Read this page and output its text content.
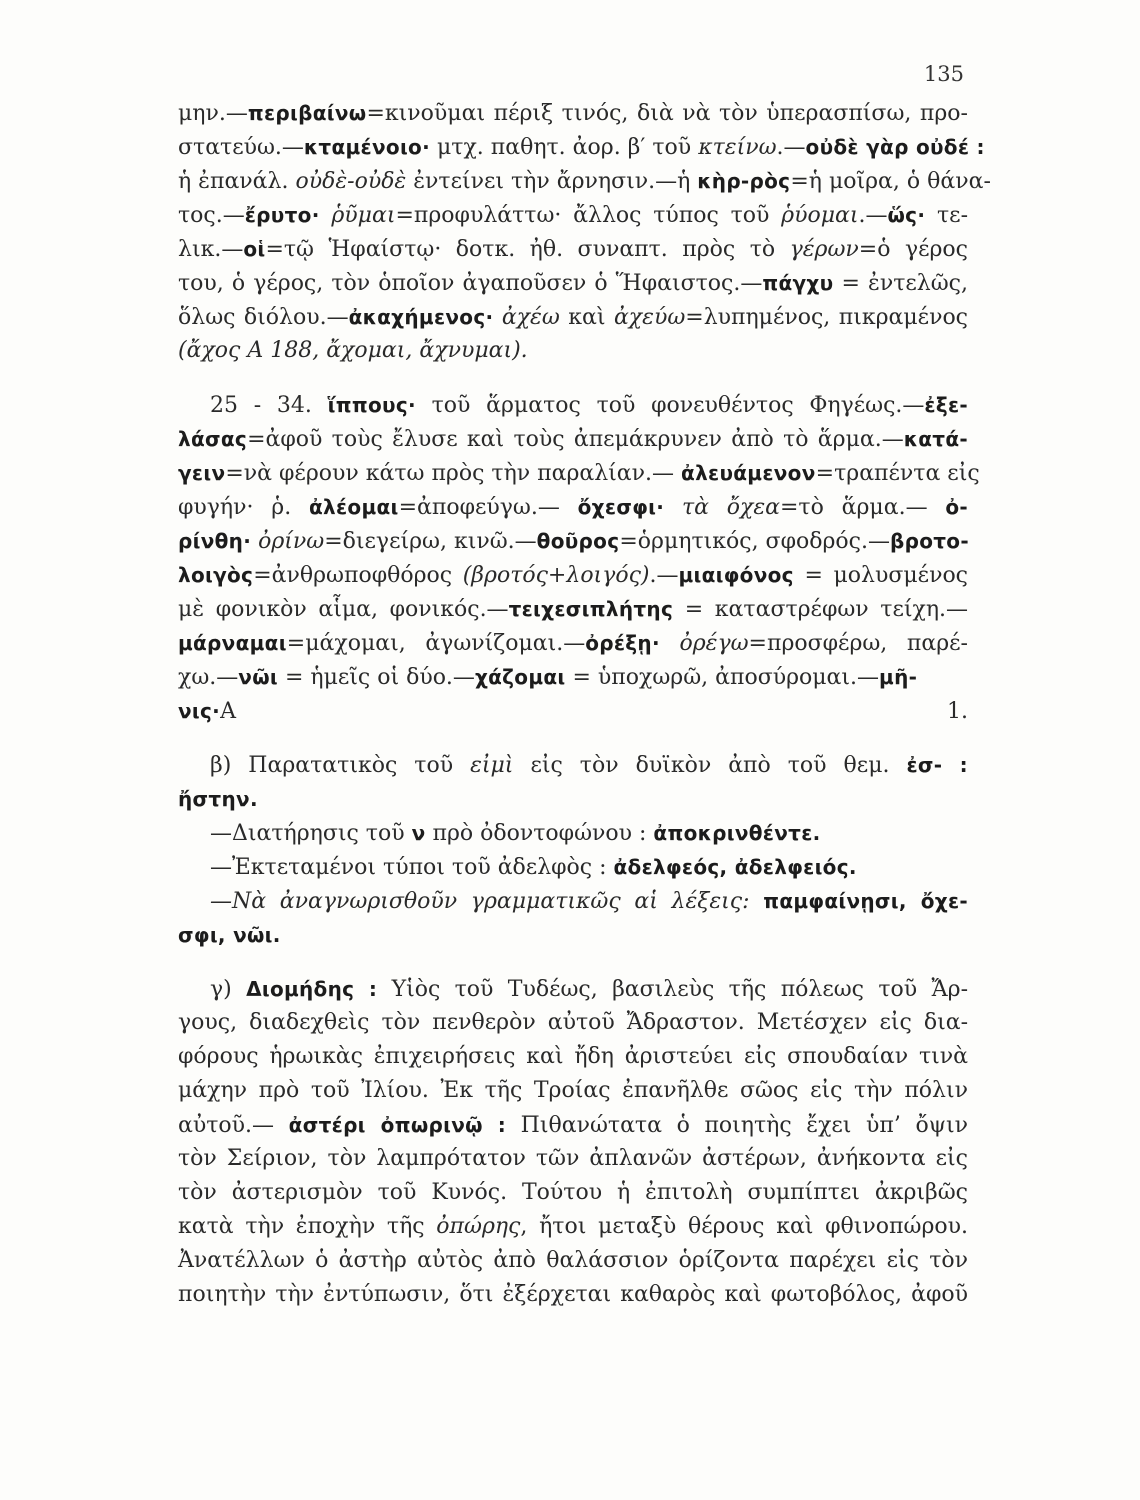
135
μην.—περιβαίνω=κινοῦμαι πέριξ τινός, διὰ νὰ τὸν ὑπερασπίσω, προ-
στατεύω.—κταμένοιο· μτχ. παθητ. ἀορ. β′ τοῦ κτείνω.—οὐδὲ γὰρ οὐδέ :
ἡ ἐπανάλ. οὐδὲ-οὐδὲ ἐντείνει τὴν ἄρνησιν.—ἡ κὴρ-ρὸς=ἡ μοῖρα, ὁ θάνα-
τος.—ἔρυτο· ῥῦμαι=προφυλάττω· ἄλλος τύπος τοῦ ῥύομαι.—ὥς· τε-
λικ.—οἱ=τῷ Ἡφαίστῳ· δοτκ. ἠθ. συναπτ. πρὸς τὸ γέρων=ὁ γέρος
του, ὁ γέρος, τὸν ὁποῖον ἀγαποῦσεν ὁ Ἥφαιστος.—πάγχυ = ἐντελῶς,
ὅλως διόλου.—ἀκαχήμενος· ἀχέω καὶ ἀχεύω=λυπημένος, πικραμένος
(ἄχος Α 188, ἄχομαι, ἄχνυμαι).
25 - 34. ἵππους· τοῦ ἅρματος τοῦ φονευθέντος Φηγέως.—ἐξε-
λάσας=ἀφοῦ τοὺς ἔλυσε καὶ τοὺς ἀπεμάκρυνεν ἀπὸ τὸ ἅρμα.—κατά-
γειν=νὰ φέρουν κάτω πρὸς τὴν παραλίαν.— ἀλευάμενον=τραπέντα εἰς
φυγήν· ῥ. ἀλέομαι=ἀποφεύγω.— ὄχεσφι· τὰ ὄχεα=τὸ ἅρμα.— ὀ-
ρίνθη· ὀρίνω=διεγείρω, κινῶ.—θοῦρος=ὁρμητικός, σφοδρός.—βροτο-
λοιγὸς=ἀνθρωποφθόρος (βροτός+λοιγός).—μιαιφόνος = μολυσμένος
μὲ φονικὸν αἷμα, φονικός.—τειχεσιπλήτης = καταστρέφων τείχη.—
μάρναμαι=μάχομαι, ἀγωνίζομαι.—ὀρέξῃ· ὀρέγω=προσφέρω, παρέ-
χω.—νῶι = ἡμεῖς οἱ δύο.—χάζομαι = ὑποχωρῶ, ἀποσύρομαι.—μῆ-
νις·Α 1.
β) Παρατατικὸς τοῦ εἰμὶ εἰς τὸν δυϊκὸν ἀπὸ τοῦ θεμ. ἐσ- :
ἤστην.
—Διατήρησις τοῦ ν πρὸ ὀδοντοφώνου : ἀποκρινθέντε.
—Ἐκτεταμένοι τύποι τοῦ ἀδελφὸς : ἀδελφεός, ἀδελφειός.
—Νὰ ἀναγνωρισθοῦν γραμματικῶς αἱ λέξεις: παμφαίνῃσι, ὄχε-
σφι, νῶι.
γ) Διομήδης : Υἱὸς τοῦ Τυδέως, βασιλεὺς τῆς πόλεως τοῦ Ἄρ-
γους, διαδεχθεὶς τὸν πενθερὸν αὐτοῦ Ἄδραστον. Μετέσχεν εἰς δια-
φόρους ἡρωικὰς ἐπιχειρήσεις καὶ ἤδη ἀριστεύει εἰς σπουδαίαν τινὰ
μάχην πρὸ τοῦ Ἰλίου. Ἐκ τῆς Τροίας ἐπανῆλθε σῶος εἰς τὴν πόλιν
αὐτοῦ.— ἀστέρι ὀπωρινῷ : Πιθανώτατα ὁ ποιητὴς ἔχει ὑπ’ ὄψιν
τὸν Σείριον, τὸν λαμπρότατον τῶν ἀπλανῶν ἀστέρων, ἀνήκοντα εἰς
τὸν ἀστερισμὸν τοῦ Κυνός. Τούτου ἡ ἐπιτολὴ συμπίπτει ἀκριβῶς
κατὰ τὴν ἐποχὴν τῆς ὀπώρης, ἤτοι μεταξὺ θέρους καὶ φθινοπώρου.
Ἀνατέλλων ὁ ἀστὴρ αὐτὸς ἀπὸ θαλάσσιον ὁρίζοντα παρέχει εἰς τὸν
ποιητὴν τὴν ἐντύπωσιν, ὅτι ἐξέρχεται καθαρὸς καὶ φωτοβόλος, ἀφοῦ
